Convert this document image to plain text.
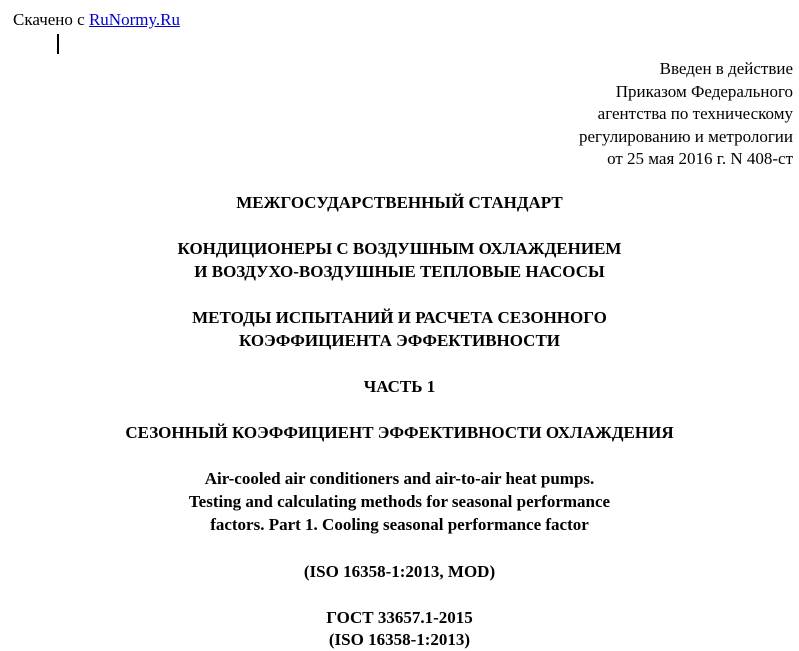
Скачено с RuNormy.Ru
Введен в действие
Приказом Федерального
агентства по техническому
регулированию и метрологии
от 25 мая 2016 г. N 408-ст
МЕЖГОСУДАРСТВЕННЫЙ СТАНДАРТ
КОНДИЦИОНЕРЫ С ВОЗДУШНЫМ ОХЛАЖДЕНИЕМ
И ВОЗДУХО-ВОЗДУШНЫЕ ТЕПЛОВЫЕ НАСОСЫ
МЕТОДЫ ИСПЫТАНИЙ И РАСЧЕТА СЕЗОННОГО
КОЭФФИЦИЕНТА ЭФФЕКТИВНОСТИ
ЧАСТЬ 1
СЕЗОННЫЙ КОЭФФИЦИЕНТ ЭФФЕКТИВНОСТИ ОХЛАЖДЕНИЯ
Air-cooled air conditioners and air-to-air heat pumps.
Testing and calculating methods for seasonal performance
factors. Part 1. Cooling seasonal performance factor
(ISO 16358-1:2013, MOD)
ГОСТ 33657.1-2015
(ISO 16358-1:2013)
